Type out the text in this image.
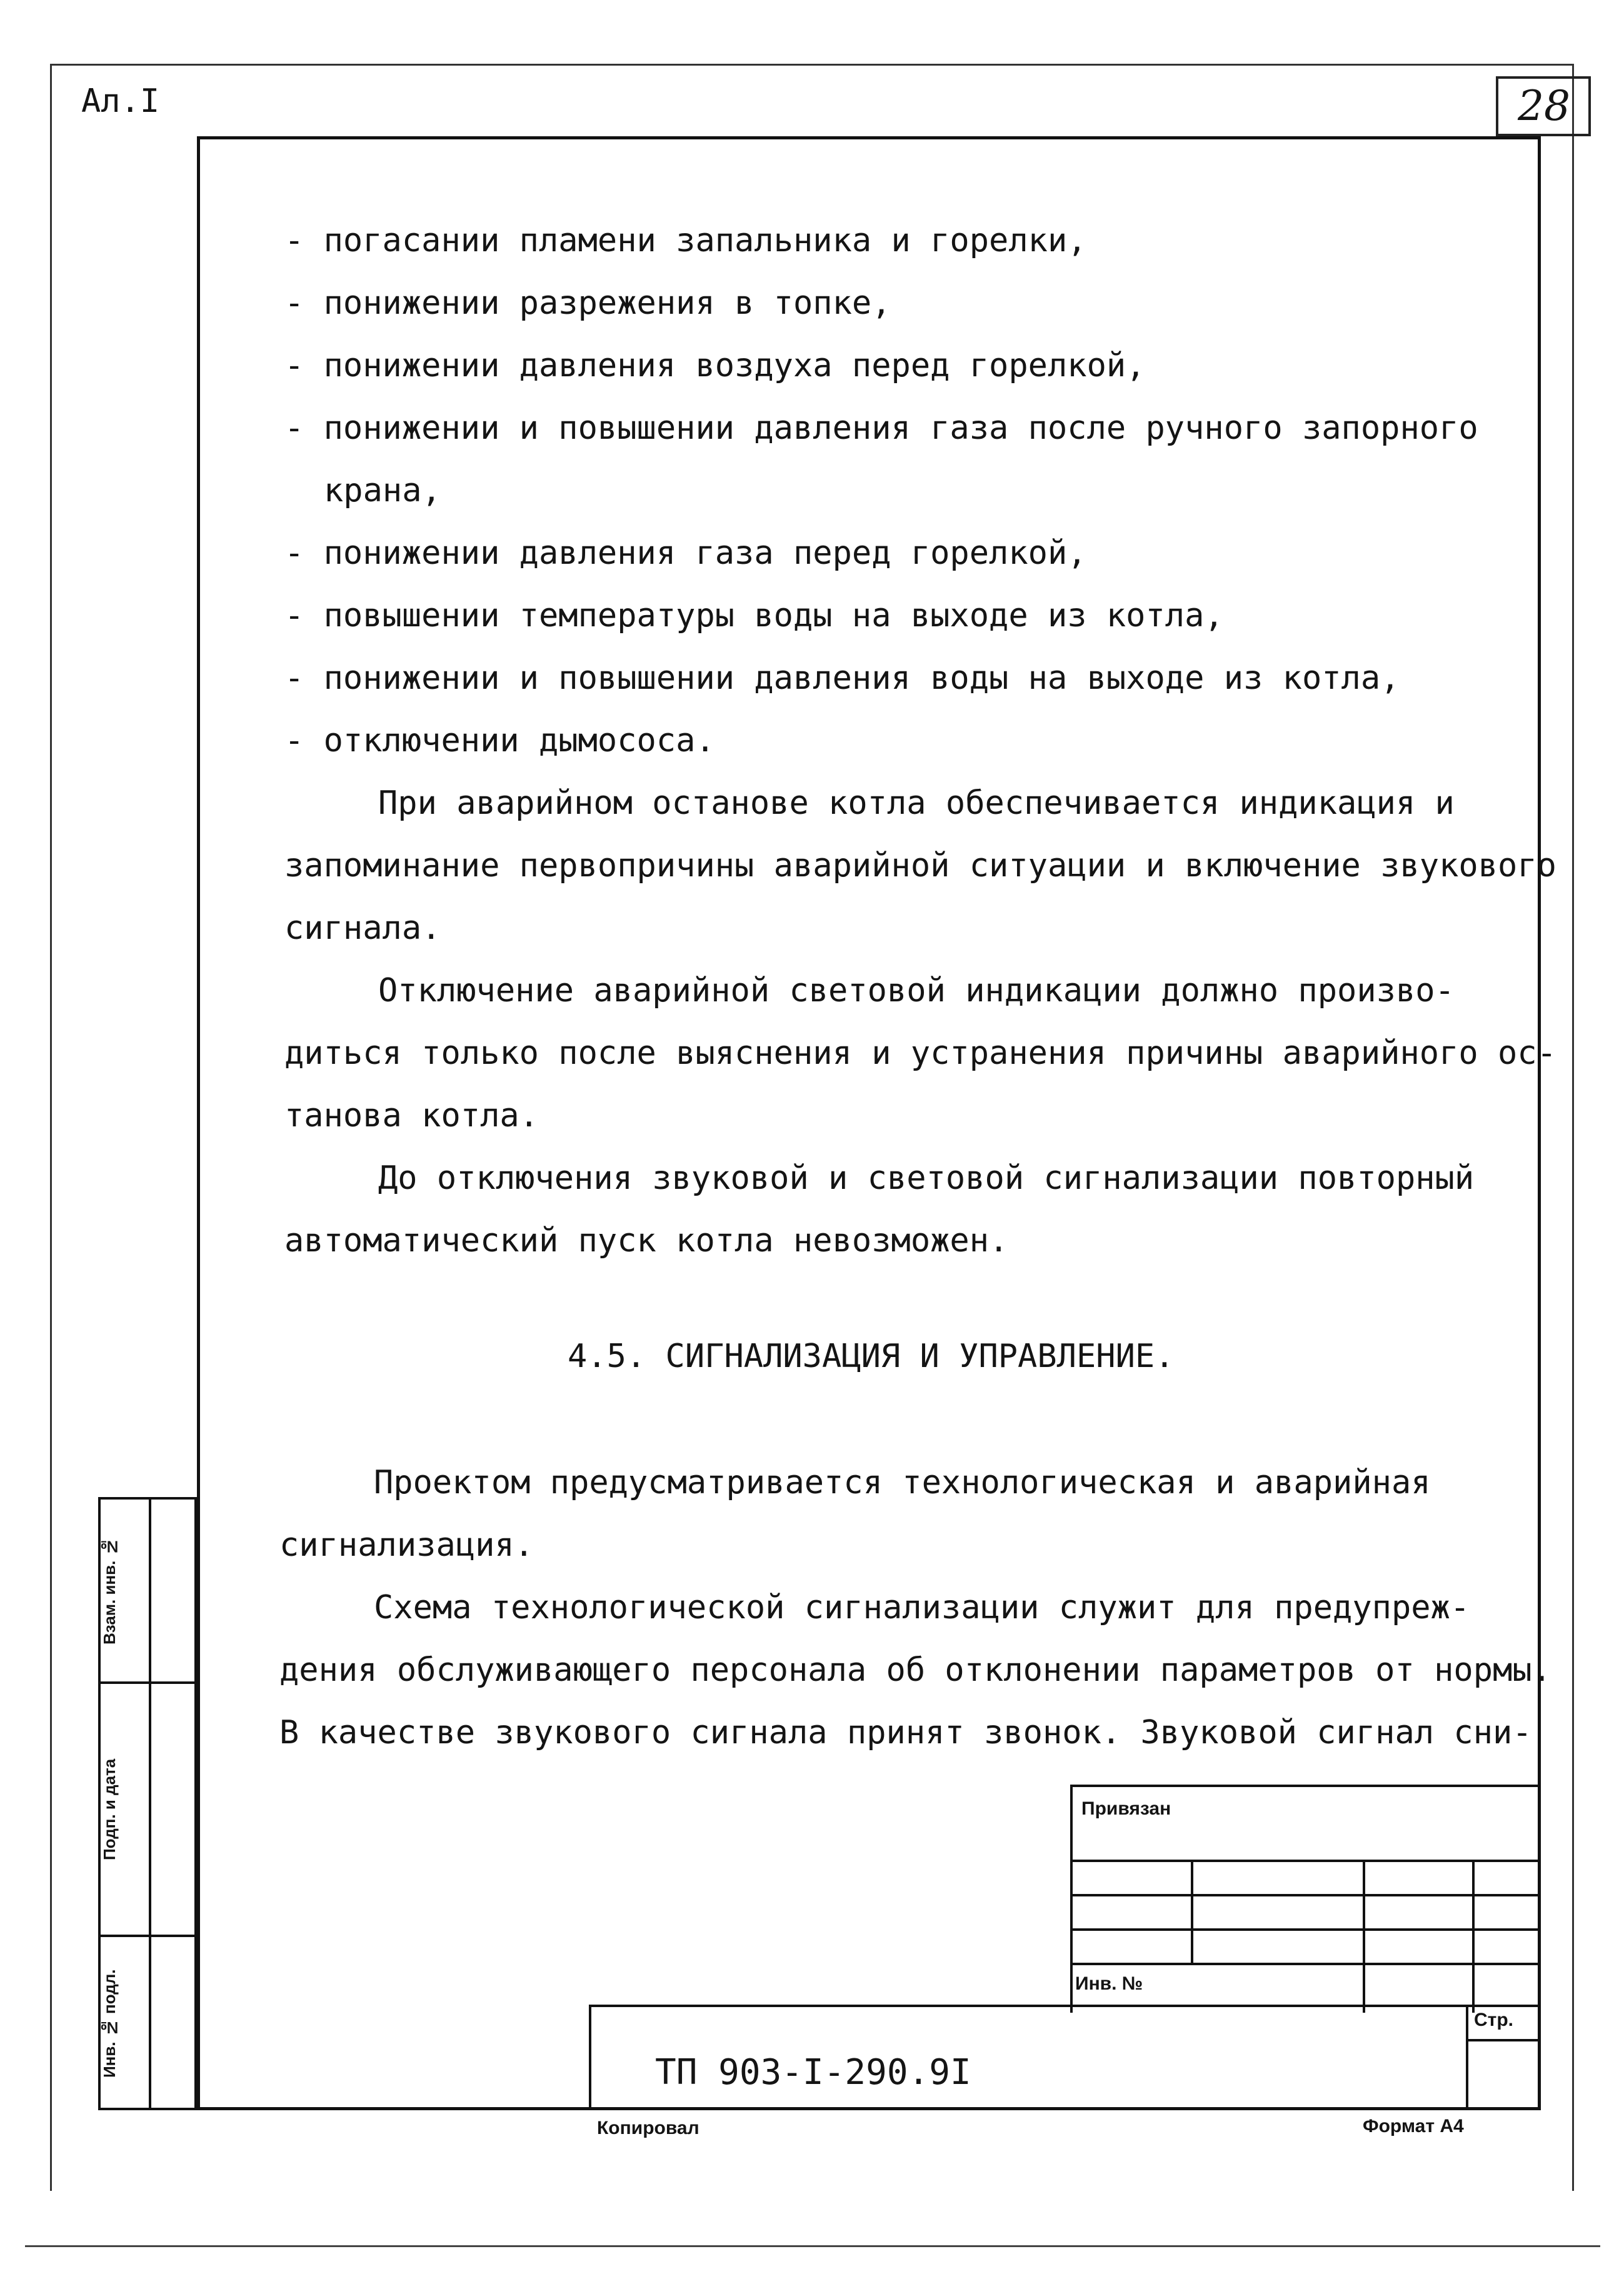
Ал.I	28
Взам. инв. №
Подп. и дата
Инв. № подл.
- погасании пламени запальника и горелки,
- понижении разрежения в топке,
- понижении давления воздуха перед горелкой,
- понижении и повышении давления газа после ручного запорного
крана,
- понижении давления газа перед горелкой,
- повышении температуры воды на выходе из котла,
- понижении и повышении давления воды на выходе из котла,
- отключении дымососа.
При аварийном останове котла обеспечивается индикация и
запоминание первопричины аварийной ситуации и включение звукового
сигнала.
Отключение аварийной световой индикации должно произво-
диться только после выяснения и устранения причины аварийного ос-
танова котла.
До отключения звуковой и световой сигнализации повторный
автоматический пуск котла невозможен.
4.5. СИГНАЛИЗАЦИЯ И УПРАВЛЕНИЕ.
Проектом предусматривается технологическая и аварийная
сигнализация.
Схема технологической сигнализации служит для предупреж-
дения обслуживающего персонала об отклонении параметров от нормы.
В качестве звукового сигнала принят звонок. Звуковой сигнал сни-
Привязан
Инв. №
Стр.
ТП 903-I-290.9I
Копировал	Формат А4
